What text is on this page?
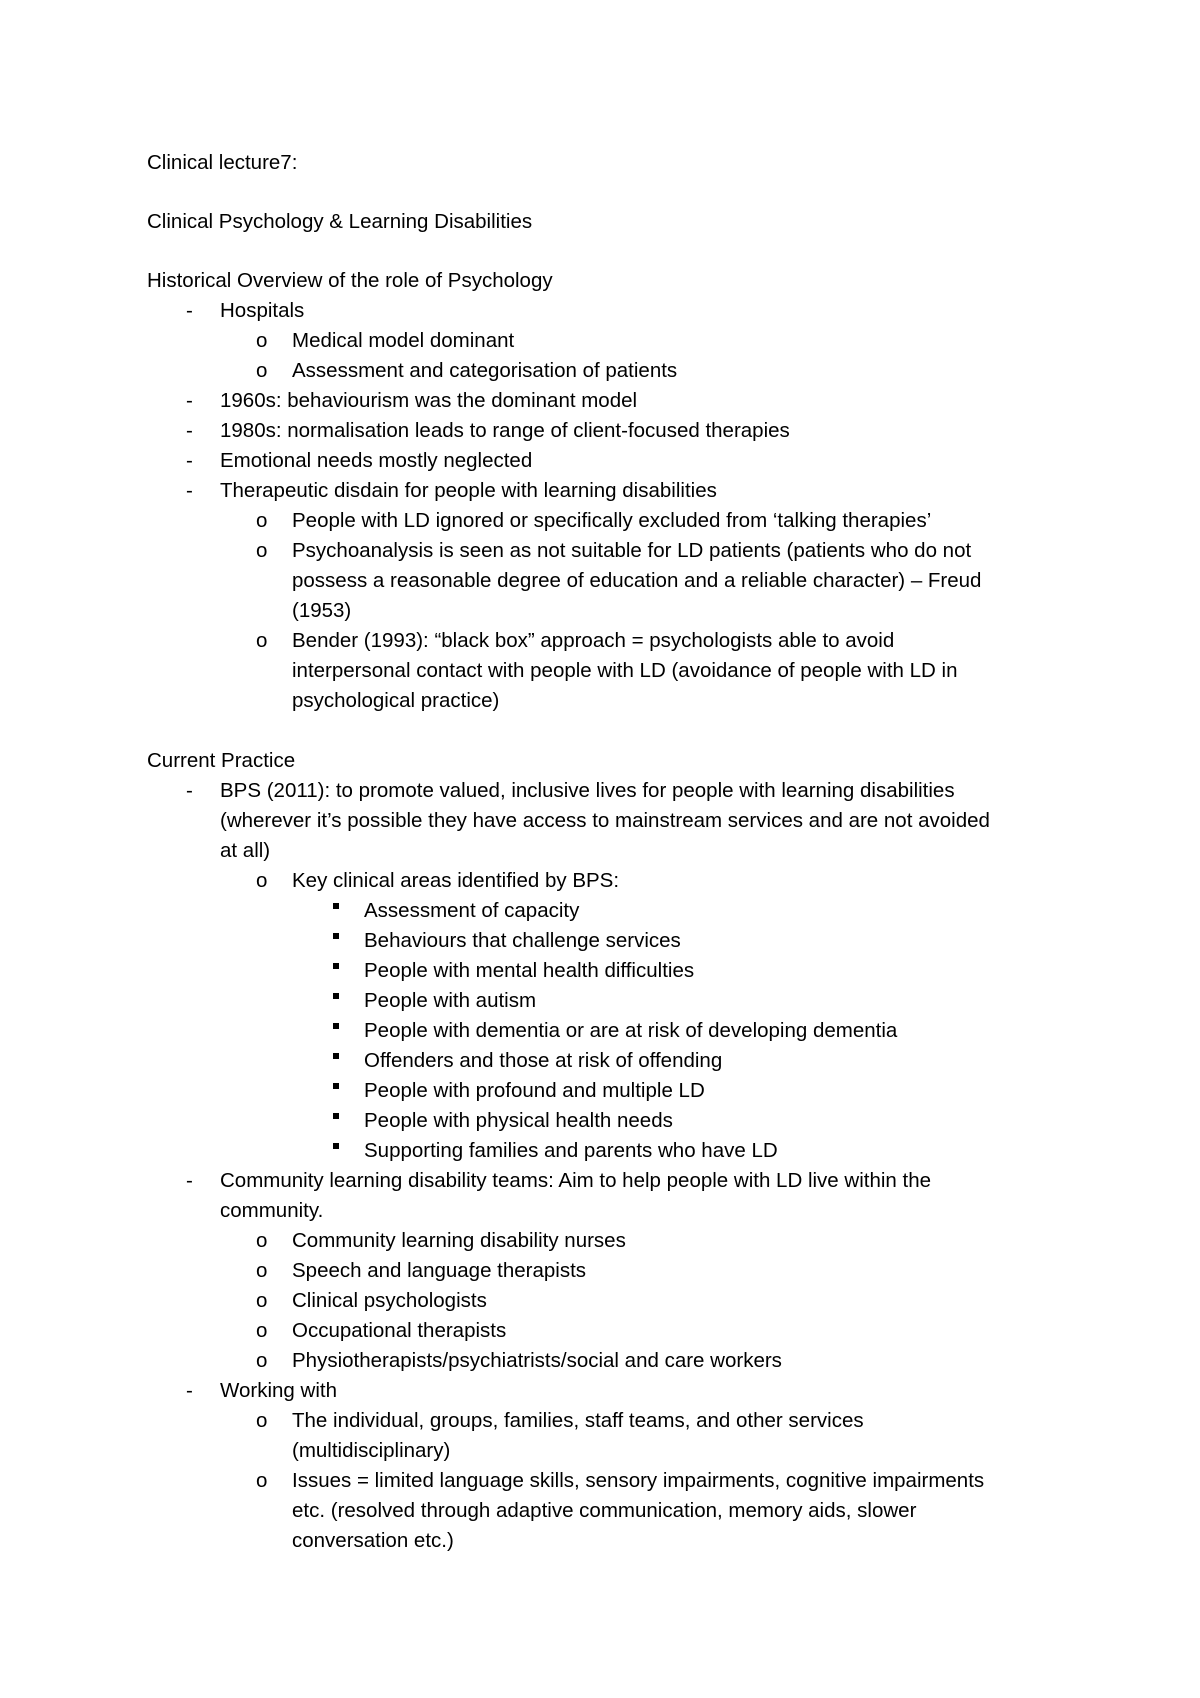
Clinical lecture7:
Clinical Psychology & Learning Disabilities
Historical Overview of the role of Psychology
- Hospitals
o Medical model dominant
o Assessment and categorisation of patients
- 1960s: behaviourism was the dominant model
- 1980s: normalisation leads to range of client-focused therapies
- Emotional needs mostly neglected
- Therapeutic disdain for people with learning disabilities
o People with LD ignored or specifically excluded from ‘talking therapies’
o Psychoanalysis is seen as not suitable for LD patients (patients who do not
possess a reasonable degree of education and a reliable character) – Freud
(1953)
o Bender (1993): “black box” approach = psychologists able to avoid
interpersonal contact with people with LD (avoidance of people with LD in
psychological practice)
Current Practice
- BPS (2011): to promote valued, inclusive lives for people with learning disabilities
(wherever it’s possible they have access to mainstream services and are not avoided
at all)
o Key clinical areas identified by BPS:
Assessment of capacity
Behaviours that challenge services
People with mental health difficulties
People with autism
People with dementia or are at risk of developing dementia
Offenders and those at risk of offending
People with profound and multiple LD
People with physical health needs
Supporting families and parents who have LD
- Community learning disability teams: Aim to help people with LD live within the
community.
o Community learning disability nurses
o Speech and language therapists
o Clinical psychologists
o Occupational therapists
o Physiotherapists/psychiatrists/social and care workers
- Working with
o The individual, groups, families, staff teams, and other services
(multidisciplinary)
o Issues = limited language skills, sensory impairments, cognitive impairments
etc. (resolved through adaptive communication, memory aids, slower
conversation etc.)
